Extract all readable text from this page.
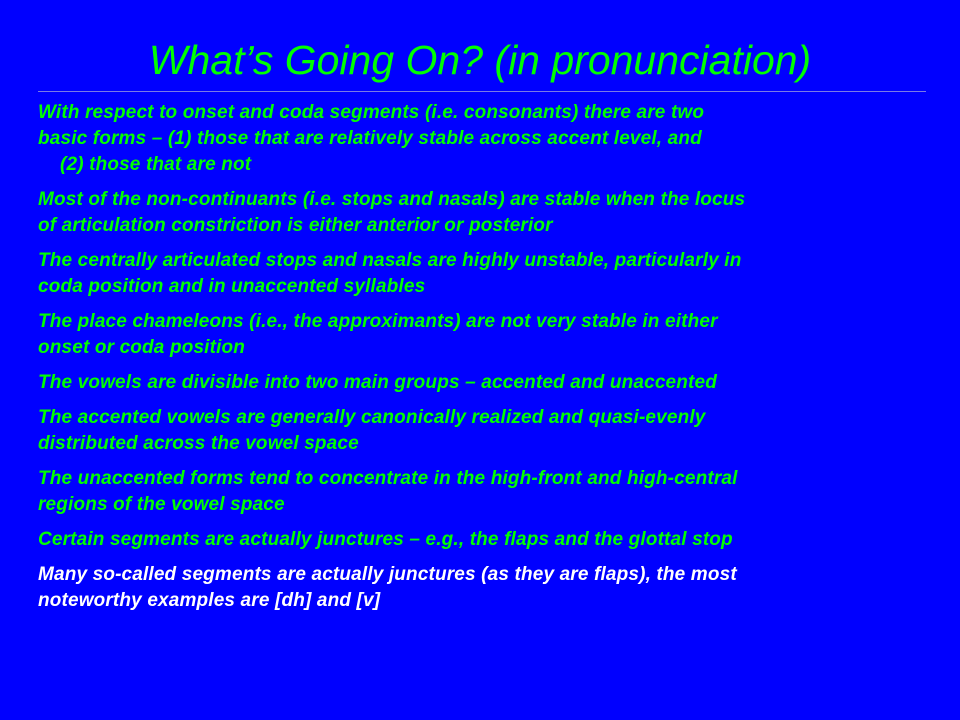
What’s Going On? (in pronunciation)
With respect to onset and coda segments (i.e. consonants) there are two
basic forms – (1) those that are relatively stable across accent level, and
(2) those that are not
Most of the non-continuants (i.e. stops and nasals) are stable when the locus
of articulation constriction is either anterior or posterior
The centrally articulated stops and nasals are highly unstable, particularly in
coda position and in unaccented syllables
The place chameleons (i.e., the approximants) are not very stable in either
onset or coda position
The vowels are divisible into two main groups – accented and unaccented
The accented vowels are generally canonically realized and quasi-evenly
distributed across the vowel space
The unaccented forms tend to concentrate in the high-front and high-central
regions of the vowel space
Certain segments are actually junctures – e.g., the flaps and the glottal stop
Many so-called segments are actually junctures (as they are flaps), the most
noteworthy examples are [dh] and [v]
